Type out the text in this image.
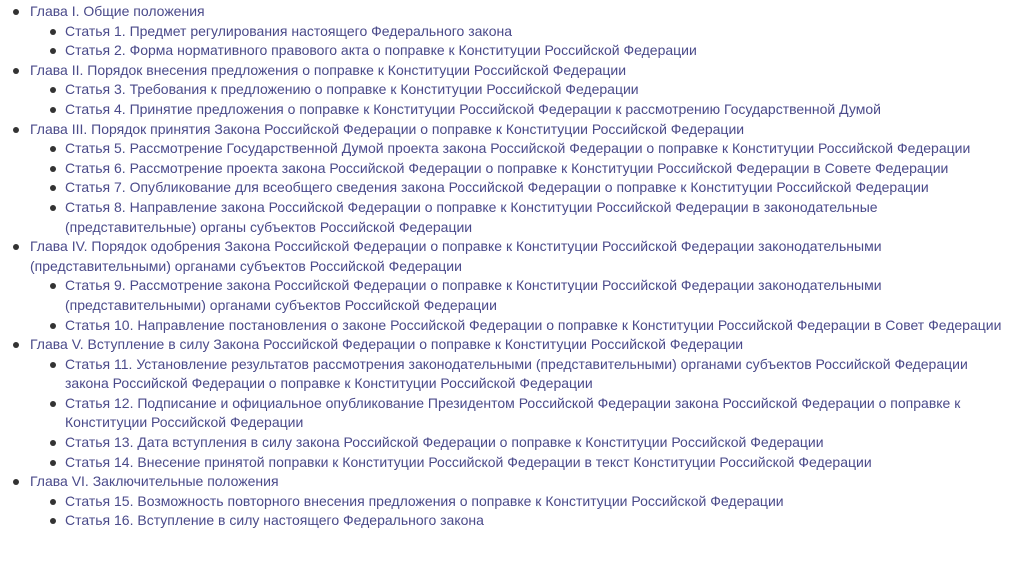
Глава I. Общие положения
Статья 1. Предмет регулирования настоящего Федерального закона
Статья 2. Форма нормативного правового акта о поправке к Конституции Российской Федерации
Глава II. Порядок внесения предложения о поправке к Конституции Российской Федерации
Статья 3. Требования к предложению о поправке к Конституции Российской Федерации
Статья 4. Принятие предложения о поправке к Конституции Российской Федерации к рассмотрению Государственной Думой
Глава III. Порядок принятия Закона Российской Федерации о поправке к Конституции Российской Федерации
Статья 5. Рассмотрение Государственной Думой проекта закона Российской Федерации о поправке к Конституции Российской Федерации
Статья 6. Рассмотрение проекта закона Российской Федерации о поправке к Конституции Российской Федерации в Совете Федерации
Статья 7. Опубликование для всеобщего сведения закона Российской Федерации о поправке к Конституции Российской Федерации
Статья 8. Направление закона Российской Федерации о поправке к Конституции Российской Федерации в законодательные (представительные) органы субъектов Российской Федерации
Глава IV. Порядок одобрения Закона Российской Федерации о поправке к Конституции Российской Федерации законодательными (представительными) органами субъектов Российской Федерации
Статья 9. Рассмотрение закона Российской Федерации о поправке к Конституции Российской Федерации законодательными (представительными) органами субъектов Российской Федерации
Статья 10. Направление постановления о законе Российской Федерации о поправке к Конституции Российской Федерации в Совет Федерации
Глава V. Вступление в силу Закона Российской Федерации о поправке к Конституции Российской Федерации
Статья 11. Установление результатов рассмотрения законодательными (представительными) органами субъектов Российской Федерации закона Российской Федерации о поправке к Конституции Российской Федерации
Статья 12. Подписание и официальное опубликование Президентом Российской Федерации закона Российской Федерации о поправке к Конституции Российской Федерации
Статья 13. Дата вступления в силу закона Российской Федерации о поправке к Конституции Российской Федерации
Статья 14. Внесение принятой поправки к Конституции Российской Федерации в текст Конституции Российской Федерации
Глава VI. Заключительные положения
Статья 15. Возможность повторного внесения предложения о поправке к Конституции Российской Федерации
Статья 16. Вступление в силу настоящего Федерального закона
